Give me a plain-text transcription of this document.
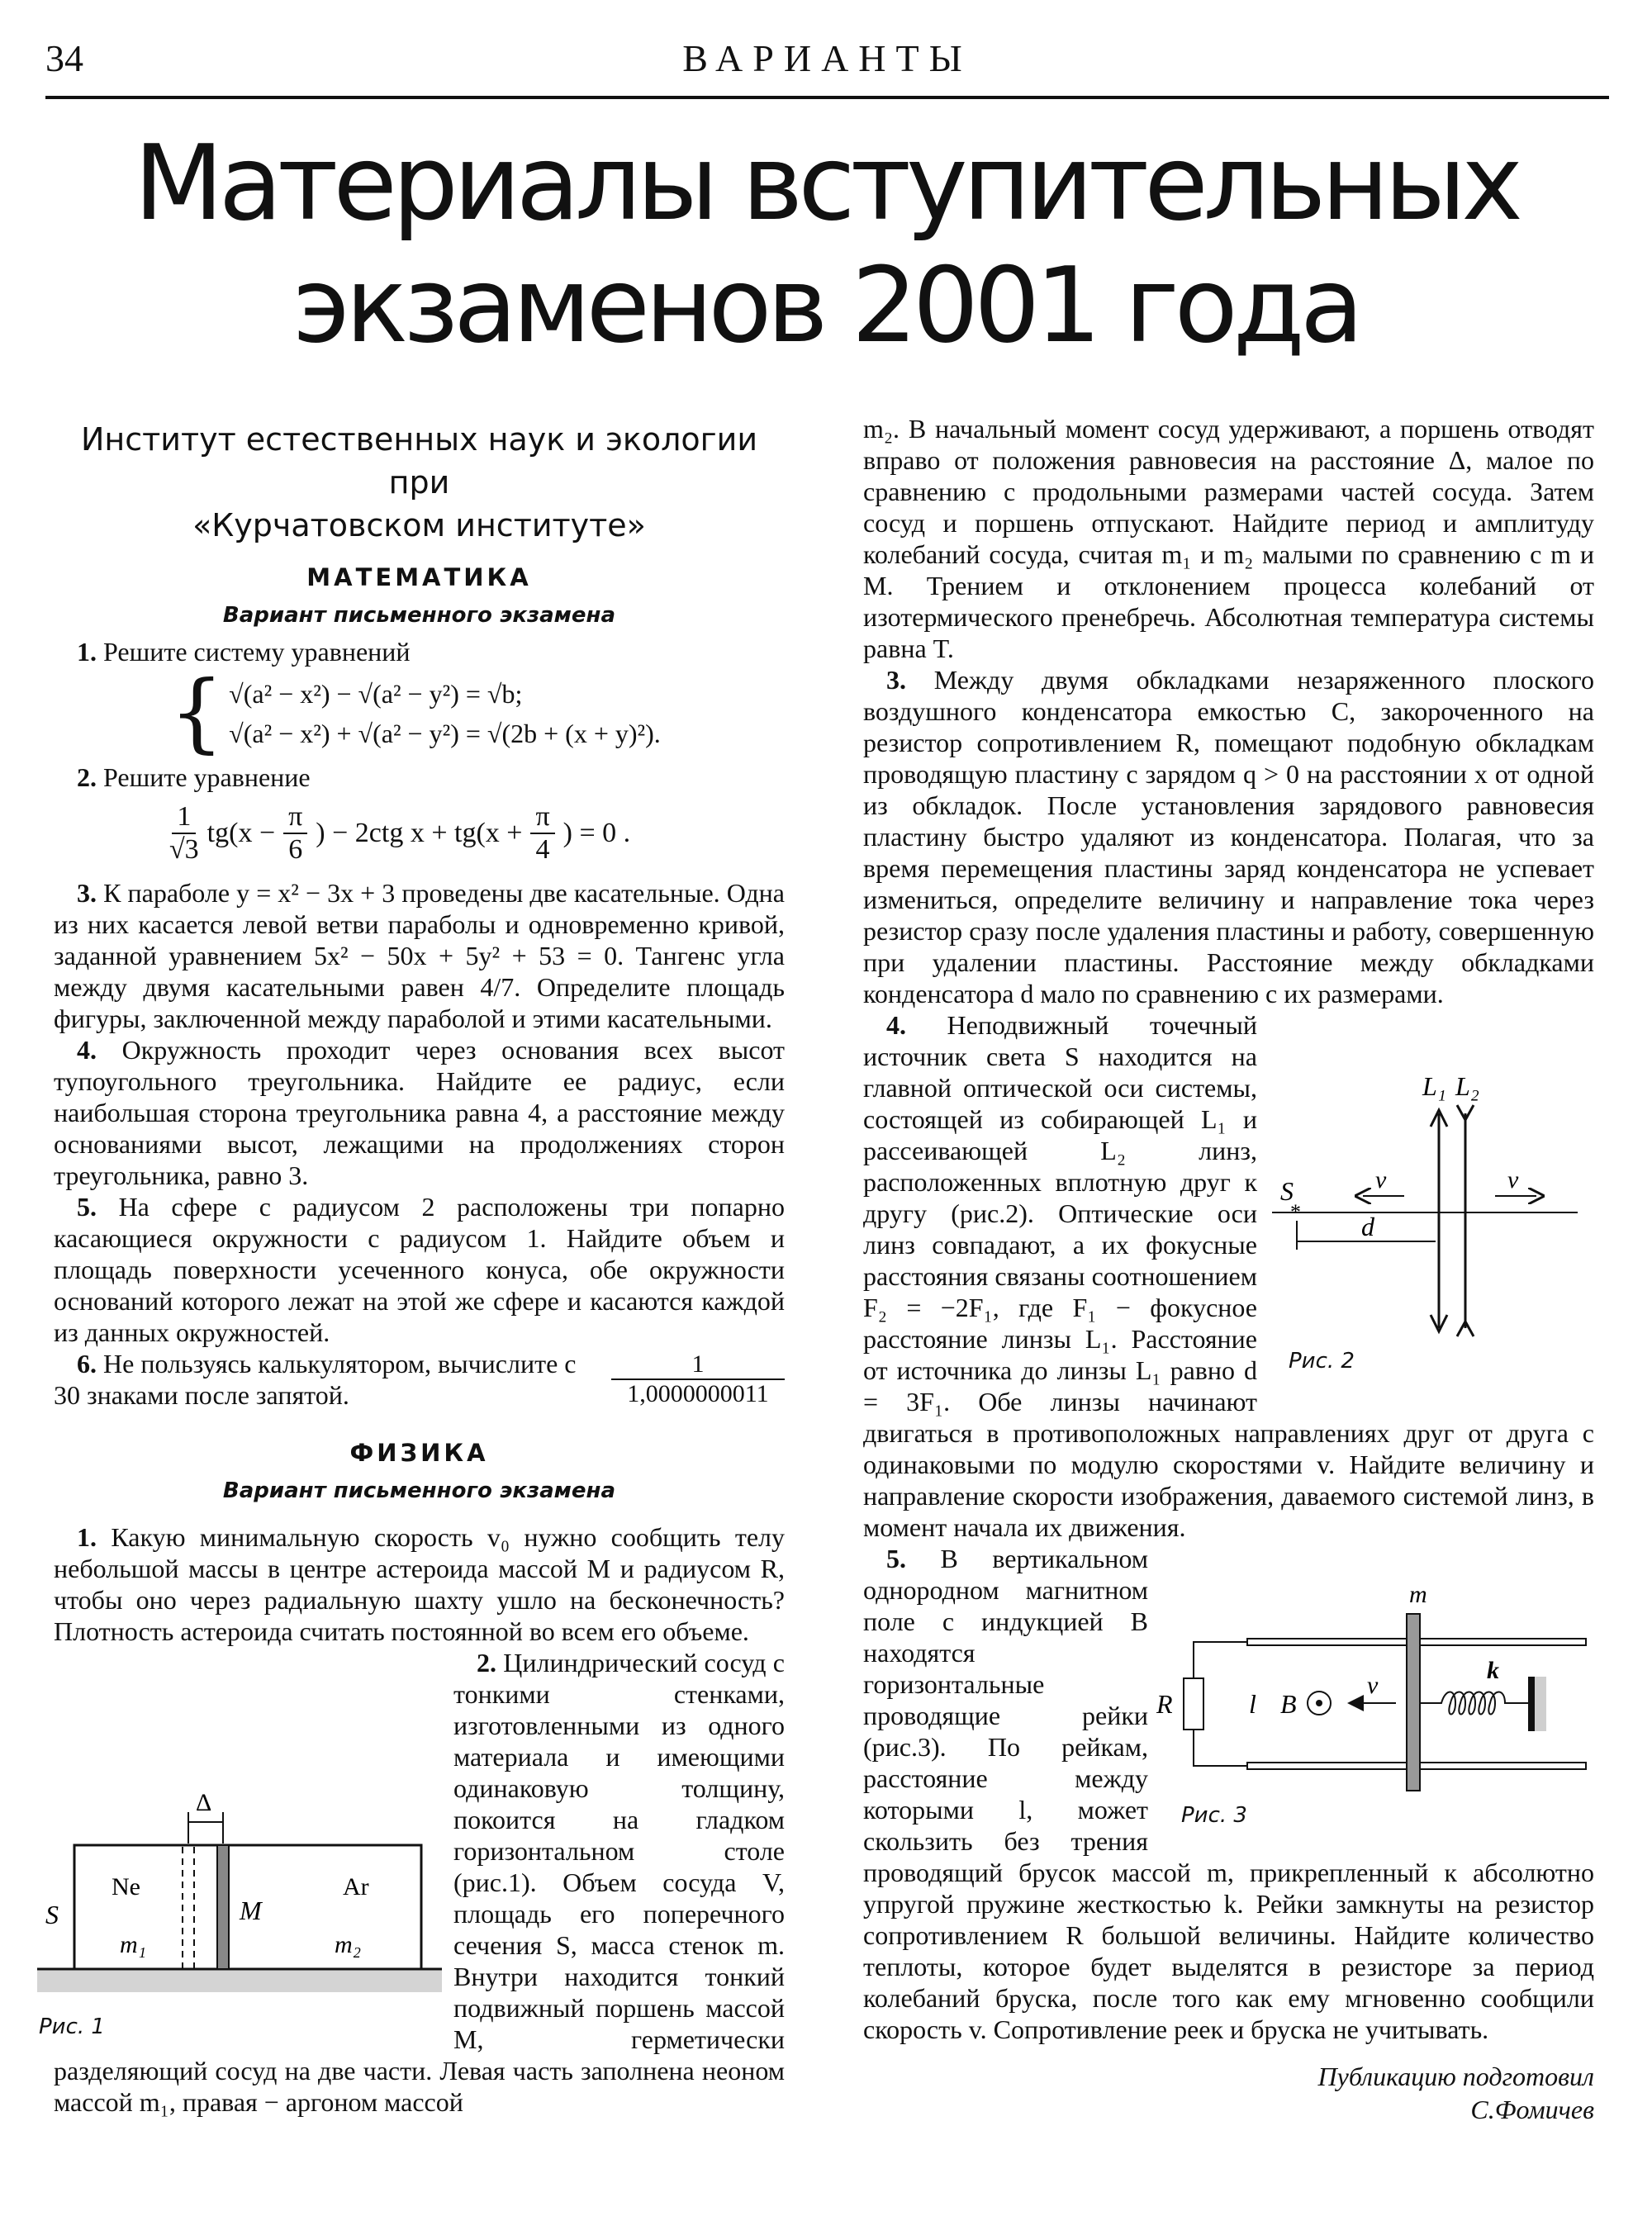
34	ВАРИАНТЫ
Материалы вступительных
экзаменов 2001 года
Институт естественных наук и экологии при
«Курчатовском институте»
МАТЕМАТИКА
Вариант письменного экзамена

1. Решите систему уравнений

{ √(a² − x²) − √(a² − y²) = √b;
√(a² − x²) + √(a² − y²) = √(2b + (x + y)²).

2. Решите уравнение

$\frac{1}{√3} tg(x - \frac{\pi}{6}$ ) − 2ctg $x + tg(x + \frac{\pi}{4}$ ) = 0 .

3. К параболе y = x² − 3x + 3 проведены две касательные. Одна из них касается левой ветви параболы и одновременно кривой, заданной уравнением 5x² − 50x + 5y² + 53 = 0. Тангенс угла между двумя касательными равен 4/7. Определите площадь фигуры, заключенной между параболой и этими касательными.

4. Окружность проходит через основания всех высот тупоугольного треугольника. Найдите ее радиус, если наибольшая сторона треугольника равна 4, а расстояние между основаниями высот, лежащими на продолжениях сторон треугольника, равно 3.

5. На сфере с радиусом 2 расположены три попарно касающиеся окружности с радиусом 1. Найдите объем и площадь поверхности усеченного конуса, обе окружности оснований которого лежат на этой же сфере и касаются каждой из данных окружностей.

6. Не пользуясь калькулятором, вычислите с 30 знаками после запятой.	$\frac{1}{1,0000000011}$
ФИЗИКА
Вариант письменного экзамена

1. Какую минимальную скорость v₀ нужно сообщить телу небольшой массы в центре астероида массой M и радиусом R, чтобы оно через радиальную шахту ушло на бесконечность? Плотность астероида считать постоянной во всем его объеме.

Δ
Ne	Ar
S	M
m₁	m₂
Рис. 1

2. Цилиндрический сосуд с тонкими стенками, изготовленными из одного материала и имеющими одинаковую толщину, покоится на гладком горизонтальном столе (рис.1). Объем сосуда V, площадь его поперечного сечения S, масса стенок m. Внутри находится тонкий подвижный поршень массой M, герметически разделяющий сосуд на две части. Левая часть заполнена неоном массой m₁, правая − аргоном массой

m₂. В начальный момент сосуд удерживают, а поршень отводят вправо от положения равновесия на расстояние Δ, малое по сравнению с продольными размерами частей сосуда. Затем сосуд и поршень отпускают. Найдите период и амплитуду колебаний сосуда, считая m₁ и m₂ малыми по сравнению с m и M. Трением и отклонением процесса колебаний от изотермического пренебречь. Абсолютная температура системы равна T.

3. Между двумя обкладками незаряженного плоского воздушного конденсатора емкостью C, закороченного на резистор сопротивлением R, помещают подобную обкладкам проводящую пластину с зарядом q > 0 на расстоянии x от одной из обкладок. После установления зарядового равновесия пластину быстро удаляют из конденсатора. Полагая, что за время перемещения пластины заряд конденсатора не успевает измениться, определите величину и направление тока через резистор сразу после удаления пластины и работу, совершенную при удалении пластины. Расстояние между обкладками конденсатора d мало по сравнению с их размерами.

L₁ L₂
S
*
v	v
d
Рис. 2

4. Неподвижный точечный источник света S находится на главной оптической оси системы, состоящей из собирающей L₁ и рассеивающей L₂ линз, расположенных вплотную друг к другу (рис.2). Оптические оси линз совпадают, а их фокусные расстояния связаны соотношением F₂ = −2F₁, где F₁ − фокусное расстояние линзы L₁. Расстояние от источника до линзы L₁ равно d = 3F₁. Обе линзы начинают двигаться в противоположных направлениях друг от друга с одинаковыми по модулю скоростями v. Найдите величину и направление скорости изображения, даваемого системой линз, в момент начала их движения.

m
R	l B
v
k
Рис. 3

5. В вертикальном однородном магнитном поле с индукцией B находятся горизонтальные проводящие рейки (рис.3). По рейкам, расстояние между которыми l, может скользить без трения проводящий брусок массой m, прикрепленный к абсолютно упругой пружине жесткостью k. Рейки замкнуты на резистор сопротивлением R большой величины. Найдите количество теплоты, которое будет выделятся в резисторе за период колебаний бруска, после того как ему мгновенно сообщили скорость v. Сопротивление реек и бруска не учитывать.

Публикацию подготовил
С.Фомичев
